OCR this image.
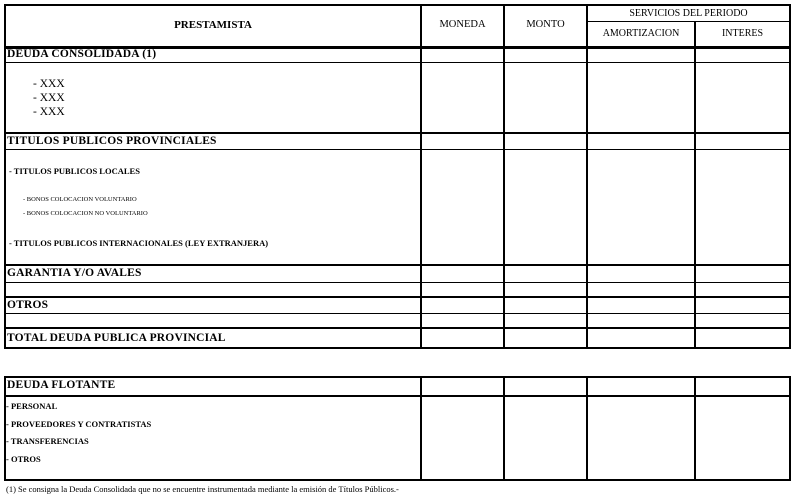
PRESTAMISTA	MONEDA	MONTO
SERVICIOS DEL PERIODO
AMORTIZACION	INTERES
DEUDA CONSOLIDADA (1)
- XXX
- XXX
- XXX
TITULOS PUBLICOS PROVINCIALES
- TITULOS PUBLICOS LOCALES
- BONOS COLOCACION VOLUNTARIO
- BONOS COLOCACION NO VOLUNTARIO
- TITULOS PUBLICOS INTERNACIONALES (LEY EXTRANJERA)
GARANTIA Y/O AVALES
OTROS
TOTAL DEUDA PUBLICA PROVINCIAL
DEUDA FLOTANTE
- PERSONAL
- PROVEEDORES Y CONTRATISTAS
- TRANSFERENCIAS
- OTROS
(1) Se consigna la Deuda Consolidada que no se encuentre instrumentada mediante la emisión de Títulos Públicos.-
